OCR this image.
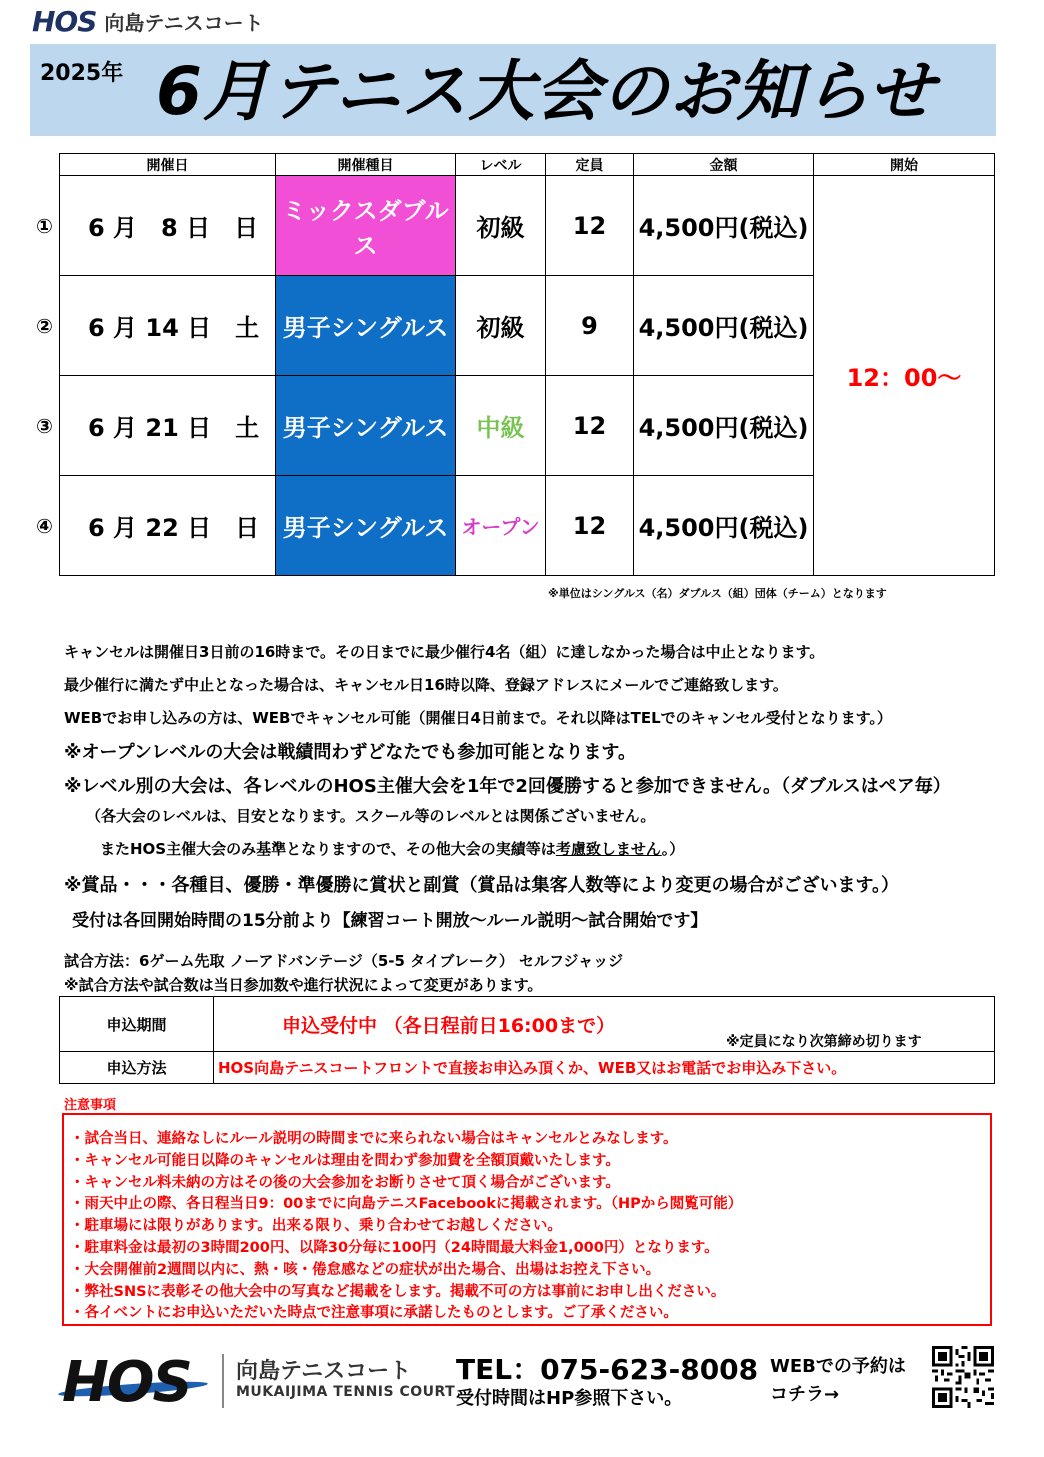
HOS 向島テニスコート
2025年 6月テニス大会のお知らせ
①
②
③
④
開催日	開催種目	レベル	定員	金額	開始
6 月　8 日　日	ミックスダブルス	初級	12	4,500円(税込)	12：00～
6 月 14 日　土	男子シングルス	初級	9	4,500円(税込)	
6 月 21 日　土	男子シングルス	中級	12	4,500円(税込)	
6 月 22 日　日	男子シングルス	オープン	12	4,500円(税込)	
※単位はシングルス（名）ダブルス（組）団体（チーム）となります
キャンセルは開催日3日前の16時まで。その日までに最少催行4名（組）に達しなかった場合は中止となります。
最少催行に満たず中止となった場合は、キャンセル日16時以降、登録アドレスにメールでご連絡致します。
WEBでお申し込みの方は、WEBでキャンセル可能（開催日4日前まで。それ以降はTELでのキャンセル受付となります。）
※オープンレベルの大会は戦績問わずどなたでも参加可能となります。
※レベル別の大会は、各レベルのHOS主催大会を1年で2回優勝すると参加できません。（ダブルスはペア毎）
（各大会のレベルは、目安となります。スクール等のレベルとは関係ございません。
またHOS主催大会のみ基準となりますので、その他大会の実績等は考慮致しません。）
※賞品・・・各種目、優勝・準優勝に賞状と副賞（賞品は集客人数等により変更の場合がございます。）
受付は各回開始時間の15分前より【練習コート開放～ルール説明～試合開始です】
試合方法：6ゲーム先取 ノーアドバンテージ（5-5 タイブレーク） セルフジャッジ
※試合方法や試合数は当日参加数や進行状況によって変更があります。
申込期間	申込受付中 （各日程前日16:00まで）
※定員になり次第締め切ります

申込方法	HOS向島テニスコートフロントで直接お申込み頂くか、WEB又はお電話でお申込み下さい。
注意事項
・試合当日、連絡なしにルール説明の時間までに来られない場合はキャンセルとみなします。
・キャンセル可能日以降のキャンセルは理由を問わず参加費を全額頂戴いたします。
・キャンセル料未納の方はその後の大会参加をお断りさせて頂く場合がございます。
・雨天中止の際、各日程当日9：00までに向島テニスFacebookに掲載されます。（HPから閲覧可能）
・駐車場には限りがあります。出来る限り、乗り合わせてお越しください。
・駐車料金は最初の3時間200円、以降30分毎に100円（24時間最大料金1,000円）となります。
・大会開催前2週間以内に、熱・咳・倦怠感などの症状が出た場合、出場はお控え下さい。
・弊社SNSに表彰その他大会中の写真など掲載をします。掲載不可の方は事前にお申し出ください。
・各イベントにお申込いただいた時点で注意事項に承諾したものとします。ご了承ください。
HOS 向島テニスコート
MUKAIJIMA TENNIS COURT
TEL：075-623-8008
受付時間はHP参照下さい。
WEBでの予約は
コチラ→
